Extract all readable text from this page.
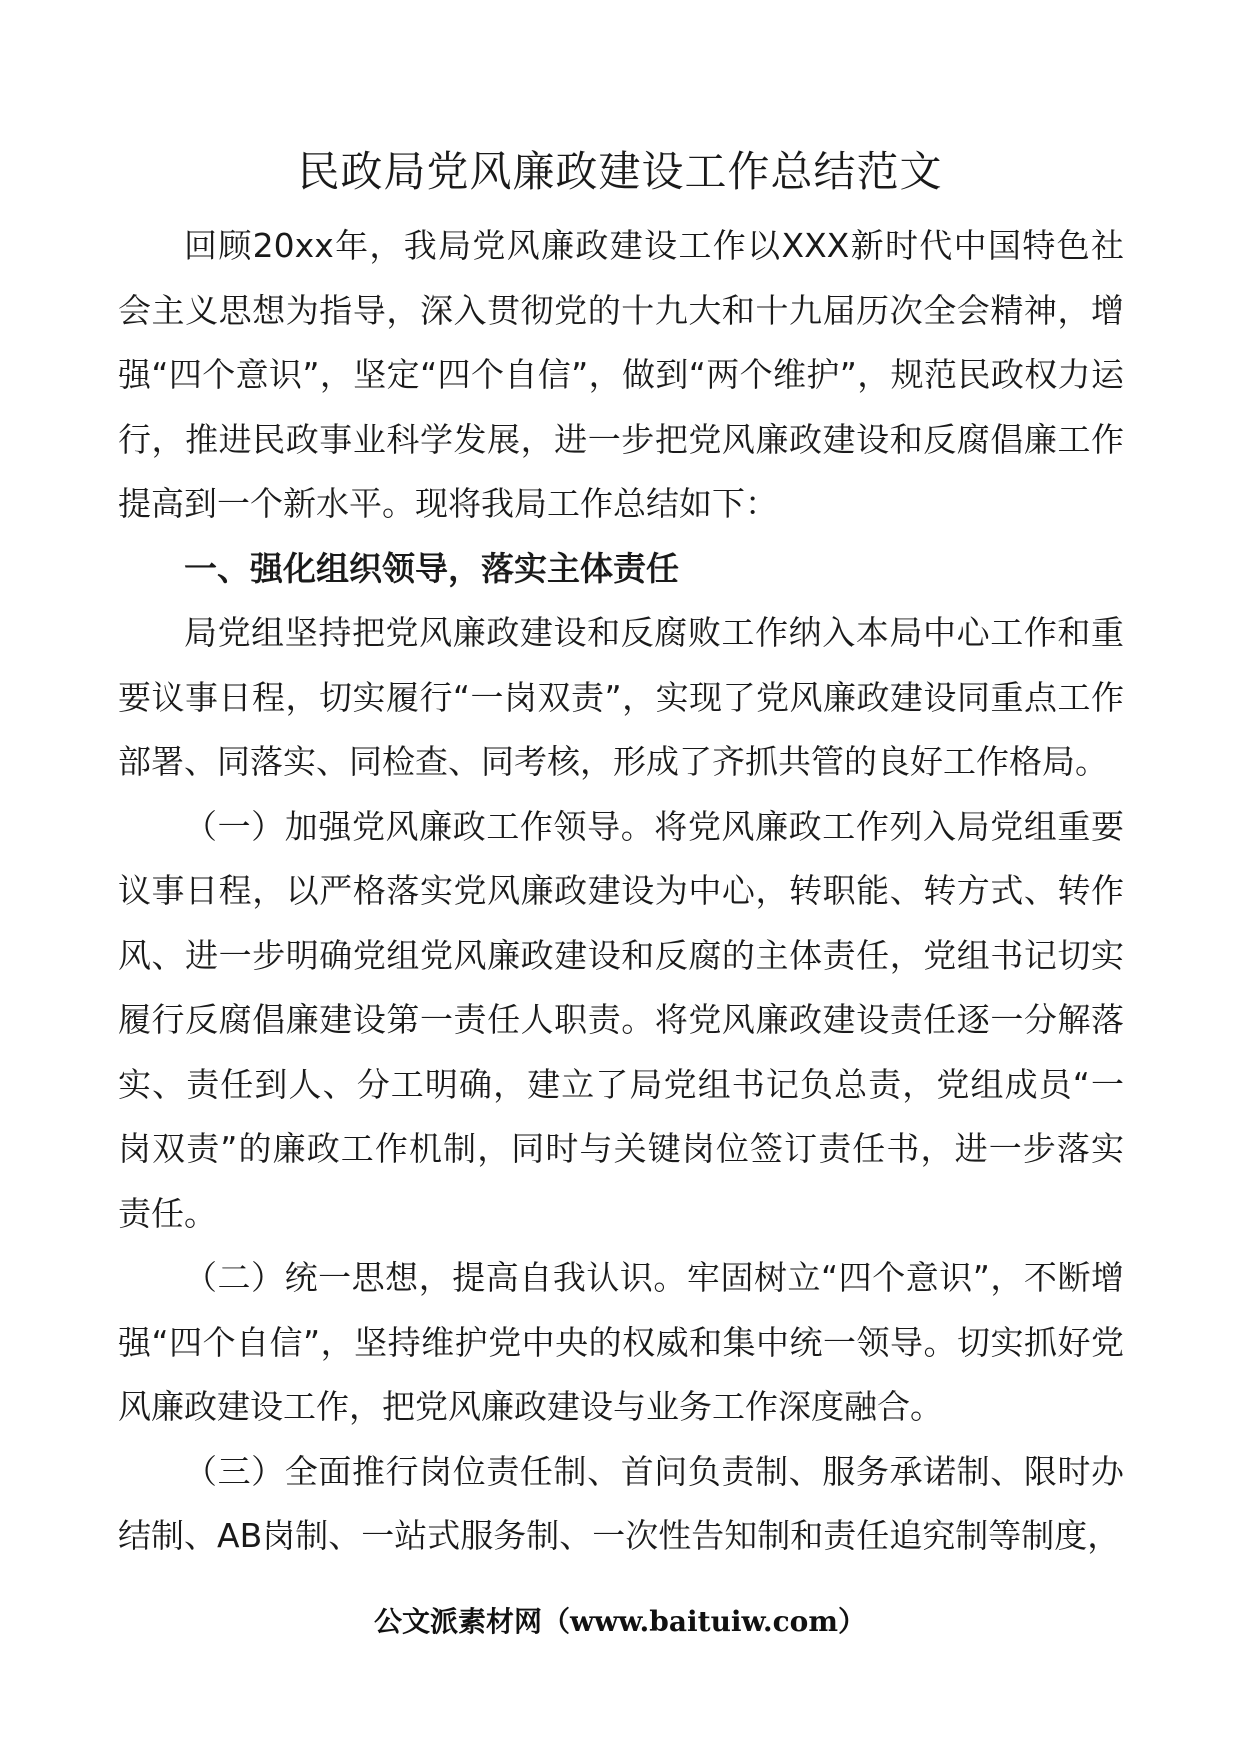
民政局党风廉政建设工作总结范文

回顾20xx年，我局党风廉政建设工作以XXX新时代中国特色社会主义思想为指导，深入贯彻党的十九大和十九届历次全会精神，增强“四个意识”，坚定“四个自信”，做到“两个维护”，规范民政权力运行，推进民政事业科学发展，进一步把党风廉政建设和反腐倡廉工作提高到一个新水平。现将我局工作总结如下：

一、强化组织领导，落实主体责任

局党组坚持把党风廉政建设和反腐败工作纳入本局中心工作和重要议事日程，切实履行“一岗双责”，实现了党风廉政建设同重点工作部署、同落实、同检查、同考核，形成了齐抓共管的良好工作格局。

（一）加强党风廉政工作领导。将党风廉政工作列入局党组重要议事日程，以严格落实党风廉政建设为中心，转职能、转方式、转作风、进一步明确党组党风廉政建设和反腐的主体责任，党组书记切实履行反腐倡廉建设第一责任人职责。将党风廉政建设责任逐一分解落实、责任到人、分工明确，建立了局党组书记负总责，党组成员“一岗双责”的廉政工作机制，同时与关键岗位签订责任书，进一步落实责任。

（二）统一思想，提高自我认识。牢固树立“四个意识”，不断增强“四个自信”，坚持维护党中央的权威和集中统一领导。切实抓好党风廉政建设工作，把党风廉政建设与业务工作深度融合。

（三）全面推行岗位责任制、首问负责制、服务承诺制、限时办结制、AB岗制、一站式服务制、一次性告知制和责任追究制等制度，

公文派素材网（www.baituiw.com）
